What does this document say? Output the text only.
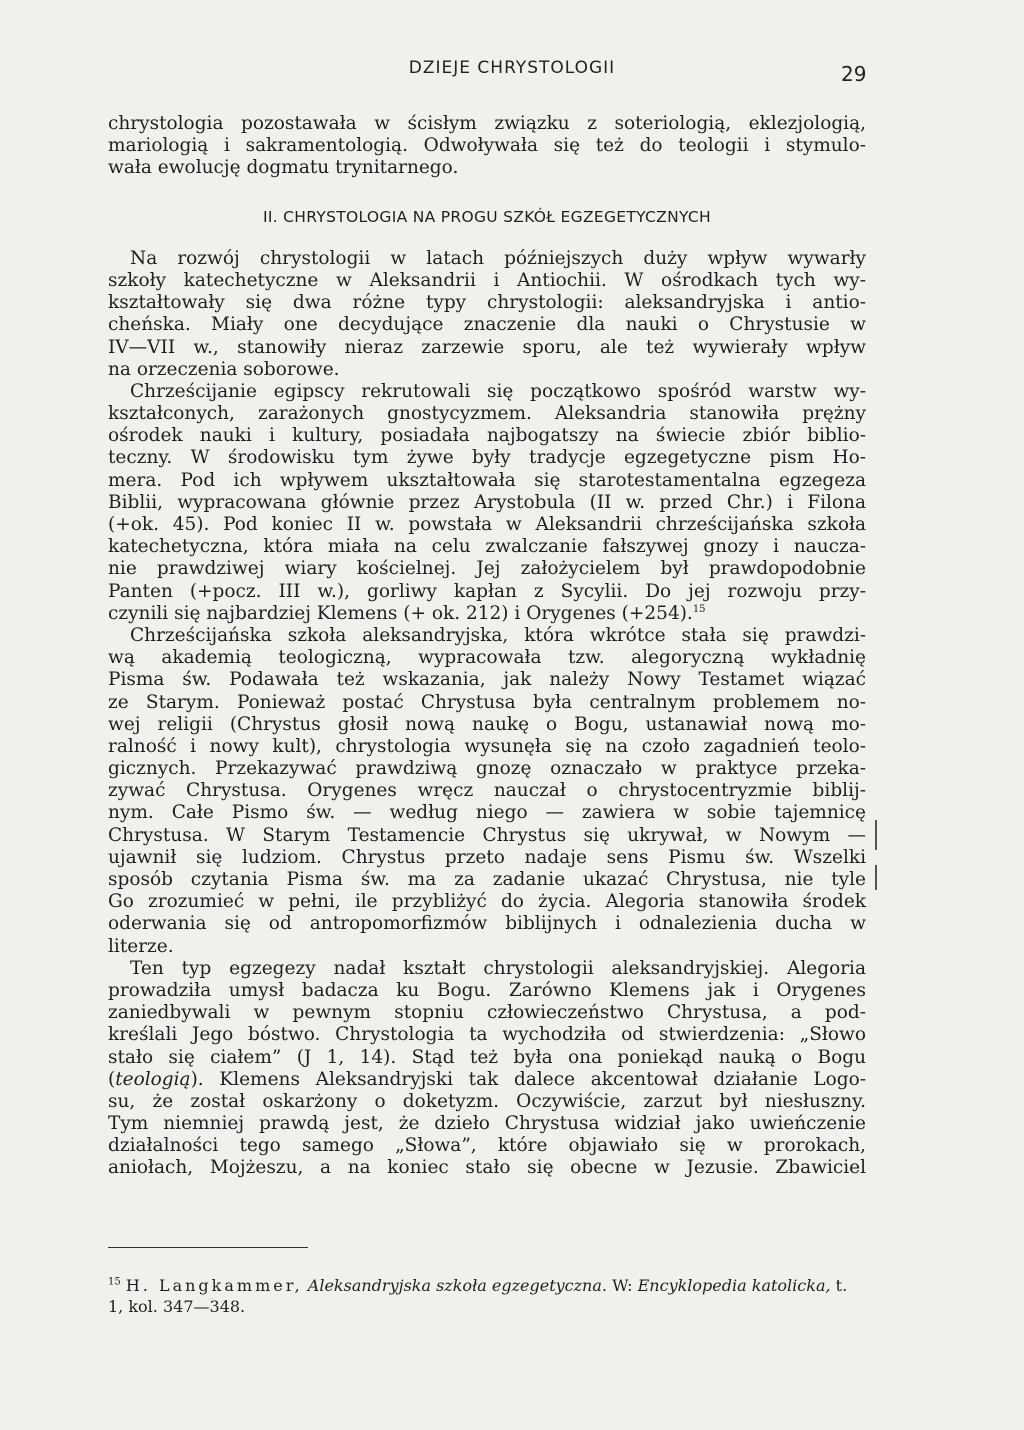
DZIEJE CHRYSTOLOGII	29
chrystologia pozostawała w ścisłym związku z soteriologią, eklezjologią,
mariologią i sakramentologią. Odwoływała się też do teologii i stymulo-
wała ewolucję dogmatu trynitarnego.
II. CHRYSTOLOGIA NA PROGU SZKÓŁ EGZEGETYCZNYCH
Na rozwój chrystologii w latach późniejszych duży wpływ wywarły
szkoły katechetyczne w Aleksandrii i Antiochii. W ośrodkach tych wy-
kształtowały się dwa różne typy chrystologii: aleksandryjska i antio-
cheńska. Miały one decydujące znaczenie dla nauki o Chrystusie w
IV—VII w., stanowiły nieraz zarzewie sporu, ale też wywierały wpływ
na orzeczenia soborowe.
Chrześcijanie egipscy rekrutowali się początkowo spośród warstw wy-
kształconych, zarażonych gnostycyzmem. Aleksandria stanowiła prężny
ośrodek nauki i kultury, posiadała najbogatszy na świecie zbiór biblio-
teczny. W środowisku tym żywe były tradycje egzegetyczne pism Ho-
mera. Pod ich wpływem ukształtowała się starotestamentalna egzegeza
Biblii, wypracowana głównie przez Arystobula (II w. przed Chr.) i Filona
(+ok. 45). Pod koniec II w. powstała w Aleksandrii chrześcijańska szkoła
katechetyczna, która miała na celu zwalczanie fałszywej gnozy i naucza-
nie prawdziwej wiary kościelnej. Jej założycielem był prawdopodobnie
Panten (+pocz. III w.), gorliwy kapłan z Sycylii. Do jej rozwoju przy-
czynili się najbardziej Klemens (+ ok. 212) i Orygenes (+254).$^{15}$
Chrześcijańska szkoła aleksandryjska, która wkrótce stała się prawdzi-
wą akademią teologiczną, wypracowała tzw. alegoryczną wykładnię
Pisma św. Podawała też wskazania, jak należy Nowy Testamet wiązać
ze Starym. Ponieważ postać Chrystusa była centralnym problemem no-
wej religii (Chrystus głosił nową naukę o Bogu, ustanawiał nową mo-
ralność i nowy kult), chrystologia wysunęła się na czoło zagadnień teolo-
gicznych. Przekazywać prawdziwą gnozę oznaczało w praktyce przeka-
zywać Chrystusa. Orygenes wręcz nauczał o chrystocentryzmie biblij-
nym. Całe Pismo św. — według niego — zawiera w sobie tajemnicę
Chrystusa. W Starym Testamencie Chrystus się ukrywał, w Nowym —
ujawnił się ludziom. Chrystus przeto nadaje sens Pismu św. Wszelki
sposób czytania Pisma św. ma za zadanie ukazać Chrystusa, nie tyle
Go zrozumieć w pełni, ile przybliżyć do życia. Alegoria stanowiła środek
oderwania się od antropomorfizmów biblijnych i odnalezienia ducha w
literze.
Ten typ egzegezy nadał kształt chrystologii aleksandryjskiej. Alegoria
prowadziła umysł badacza ku Bogu. Zarówno Klemens jak i Orygenes
zaniedbywali w pewnym stopniu człowieczeństwo Chrystusa, a pod-
kreślali Jego bóstwo. Chrystologia ta wychodziła od stwierdzenia: „Słowo
stało się ciałem” (J 1, 14). Stąd też była ona poniekąd nauką o Bogu
(teologią). Klemens Aleksandryjski tak dalece akcentował działanie Logo-
su, że został oskarżony o doketyzm. Oczywiście, zarzut był niesłuszny.
Tym niemniej prawdą jest, że dzieło Chrystusa widział jako uwieńczenie
działalności tego samego „Słowa”, które objawiało się w prorokach,
aniołach, Mojżeszu, a na koniec stało się obecne w Jezusie. Zbawiciel
$^{15}$ H. Langkammer, Aleksandryjska szkoła egzegetyczna. W: Encyklopedia katolicka, t. 1, kol. 347—348.
